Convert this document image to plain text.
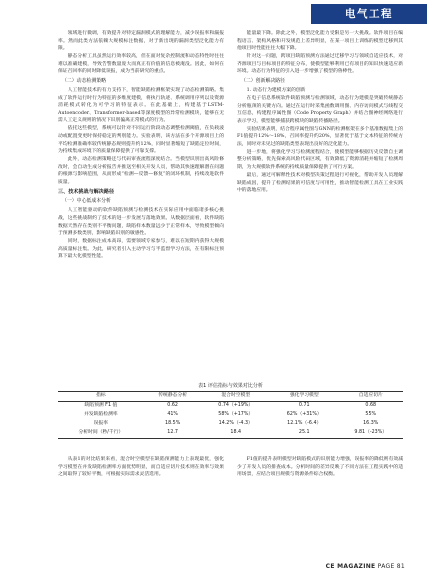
电气工程

领域进行微调，有效提升对特定漏洞模式的理解能力，减少误报率和漏报率。然而此类方法依赖大规模标注数据，对于新出现的漏洞类型泛化能力有限。

静态分析工具虽然运行效率较高，但在面对复杂控制流和动态特性时往往难以准确建模，导致告警数量庞大而真正有价值的信息被淹没。因此，如何在保证召回率的同时降低误报，成为当前研究的重点。

（二）动态检测策略

人工智能技术的有力支持下，智能缺陷检测框架实现了动态检测策略。集成了软件运行时行为特征的多维度建模，将执行轨迹、系统调用序列以及资源消耗模式转化为可学习的特征表示。在此基础上，构建基于LSTM-Autoencoder、Transformer-based等深度模型的异常检测模块，能够在无需人工定义规则的情况下识别偏离正常模式的行为。

依托这些模型，系统可以针对不同运行阶段动态调整检测阈值，在负载波动或配置变更时保持稳定的判别能力。实验表明，该方法在多个开源项目上的平均检测准确率较传统静态规则提升约12%，同时显著缩短了缺陷定位时间，为持续集成环境下的质量保障提供了可靠支撑。

此外，动态检测策略还与代码审查流程深度结合。当模型识别出高风险修改时，会自动生成分析报告并推送至相关开发人员，帮助其快速理解潜在问题的根源与影响范围，从而形成“检测—反馈—修复”的闭环机制，持续改进软件质量。

三、技术挑战与解决路径
（一）中心低成本分析

人工智能驱动的软件缺陷预测与检测技术在实际应用中面临诸多核心挑战，这些挑战制约了技术的进一步发展与落地效果。从数据层面看，软件缺陷数据天然存在类别不平衡问题，缺陷样本数量远少于正常样本，导致模型倾向于预测多数类别，影响缺陷识别的敏感性。

同时，数据标注成本高昂，需要领域专家参与，难以在短期内获得大规模高质量标注集。为此，研究者引入主动学习与半监督学习方法，在有限标注预算下最大化模型性能。

能量最下降。除此之外，模型泛化能力受限是另一大挑战。软件项目在编程语言、架构风格和开发规范上差异明显，在某一项目上训练的模型迁移到其他项目时性能往往大幅下降。

针对这一问题，跨项目缺陷预测方法通过迁移学习与领域自适应技术，对齐源项目与目标项目的特征分布，使模型能够利用已有项目的知识快速适应新环境。动态行为特征的引入进一步增强了模型的鲁棒性。

（二）创新解决路径

1. 动态行为建模方案的创新

在电子信息系统软件缺陷预测与检测领域，动态行为建模是突破传统静态分析瓶颈的关键方向。通过在运行时采集函数调用图、内存访问模式与线程交互信息，构建程序属性图（Code Property Graph）并结合图神经网络进行表示学习，模型能够捕获跨模块的缺陷传播路径。

实验结果表明，结合程序属性图与GNN的检测框架在多个基准数据集上的F1值提升12%～18%，召回率提升约20%，显著优于基于文本特征的传统方法，同时对未见过的缺陷类型表现出良好的泛化能力。

进一步地，将强化学习与检测流程结合，使模型能够根据历史反馈自主调整分析策略，优先探索高风险代码区域，有效降低了资源消耗并缩短了检测周期，为大规模软件系统的持续质量保障提供了可行方案。

最后，通过可解释性技术对模型决策过程进行可视化，帮助开发人员理解缺陷成因，提升了检测结果的可信度与可用性，推动智能检测工具在工业实践中的落地应用。

表1 评估指标与效果对比分析
指标	传统静态分析	混合时空模型	强化学习模型	自适应切片
缺陷预测 F1 值	0.62	0.74（+19%）	0.71	0.68
并发缺陷检测率	41%	58%（+17%）	62%（+31%）	55%
误报率	18.5%	14.2%（-4.3）	12.1%（-6.4）	16.3%
分析时间（秒/千行）	12.7	18.4	25.1	9.81（-23%）

从表1的对比结果来看，混合时空模型在缺陷预测能力上表现最优，强化学习模型在并发缺陷检测率方面优势明显，而自适应切片技术则在效率与效果之间取得了较好平衡，可根据实际需求灵活选用。

F1值的提升表明模型对缺陷模式的识别能力增强，误报率的降低则有效减少了开发人员的排查成本。分析时间的差异反映了不同方法在工程实践中的适用场景，应结合项目规模与资源条件综合权衡。

CE MAGAZINE PAGE 81
